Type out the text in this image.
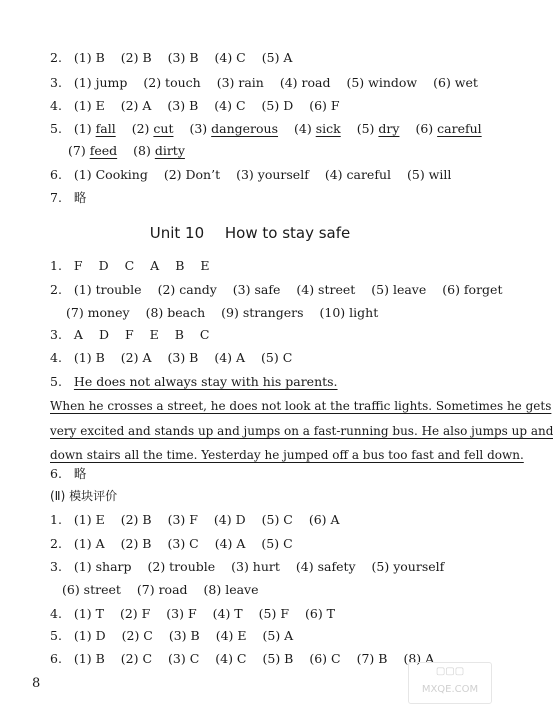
2. (1) B (2) B (3) B (4) C (5) A
3. (1) jump (2) touch (3) rain (4) road (5) window (6) wet
4. (1) E (2) A (3) B (4) C (5) D (6) F
5. (1) fall (2) cut (3) dangerous (4) sick (5) dry (6) careful
(7) feed (8) dirty
6. (1) Cooking (2) Don’t (3) yourself (4) careful (5) will
7. 略
Unit 10 How to stay safe
1. F D C A B E
2. (1) trouble (2) candy (3) safe (4) street (5) leave (6) forget
(7) money (8) beach (9) strangers (10) light
3. A D F E B C
4. (1) B (2) A (3) B (4) A (5) C
5. He does not always stay with his parents.
When he crosses a street, he does not look at the traffic lights. Sometimes he gets
very excited and stands up and jumps on a fast-running bus. He also jumps up and
down stairs all the time. Yesterday he jumped off a bus too fast and fell down.
6. 略
(Ⅱ) 模块评价
1. (1) E (2) B (3) F (4) D (5) C (6) A
2. (1) A (2) B (3) C (4) A (5) C
3. (1) sharp (2) trouble (3) hurt (4) safety (5) yourself
(6) street (7) road (8) leave
4. (1) T (2) F (3) F (4) T (5) F (6) T
5. (1) D (2) C (3) B (4) E (5) A
6. (1) B (2) C (3) C (4) C (5) B (6) C (7) B (8) A
8
▢▢▢
MXQE.COM
